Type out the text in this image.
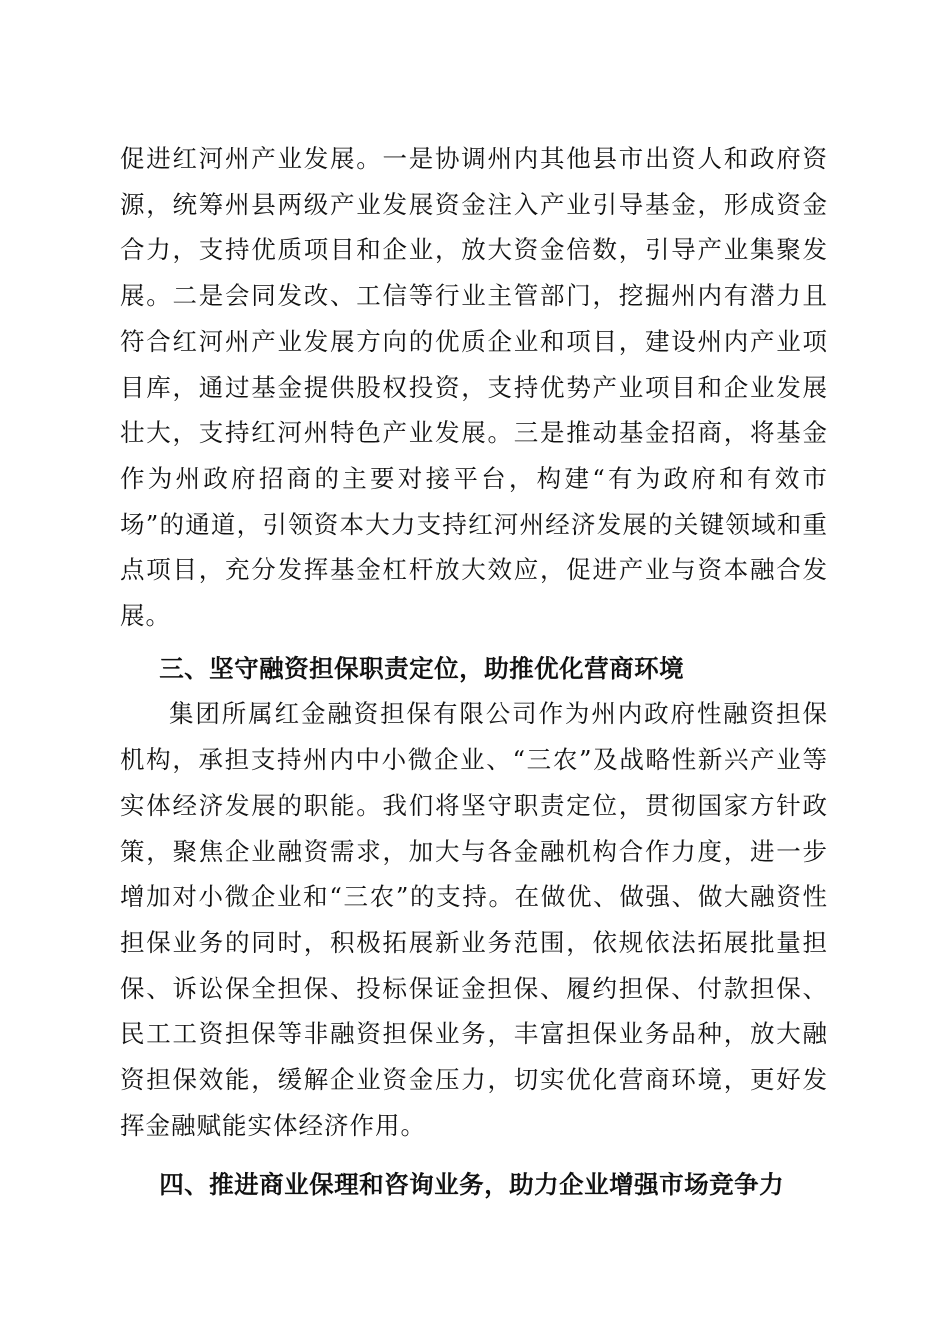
促进红河州产业发展。一是协调州内其他县市出资人和政府资源，统筹州县两级产业发展资金注入产业引导基金，形成资金合力，支持优质项目和企业，放大资金倍数，引导产业集聚发展。二是会同发改、工信等行业主管部门，挖掘州内有潜力且符合红河州产业发展方向的优质企业和项目，建设州内产业项目库，通过基金提供股权投资，支持优势产业项目和企业发展壮大，支持红河州特色产业发展。三是推动基金招商，将基金作为州政府招商的主要对接平台，构建“有为政府和有效市场”的通道，引领资本大力支持红河州经济发展的关键领域和重点项目，充分发挥基金杠杆放大效应，促进产业与资本融合发展。

三、坚守融资担保职责定位，助推优化营商环境

集团所属红金融资担保有限公司作为州内政府性融资担保机构，承担支持州内中小微企业、“三农”及战略性新兴产业等实体经济发展的职能。我们将坚守职责定位，贯彻国家方针政策，聚焦企业融资需求，加大与各金融机构合作力度，进一步增加对小微企业和“三农”的支持。在做优、做强、做大融资性担保业务的同时，积极拓展新业务范围，依规依法拓展批量担保、诉讼保全担保、投标保证金担保、履约担保、付款担保、民工工资担保等非融资担保业务，丰富担保业务品种，放大融资担保效能，缓解企业资金压力，切实优化营商环境，更好发挥金融赋能实体经济作用。

四、推进商业保理和咨询业务，助力企业增强市场竞争力
